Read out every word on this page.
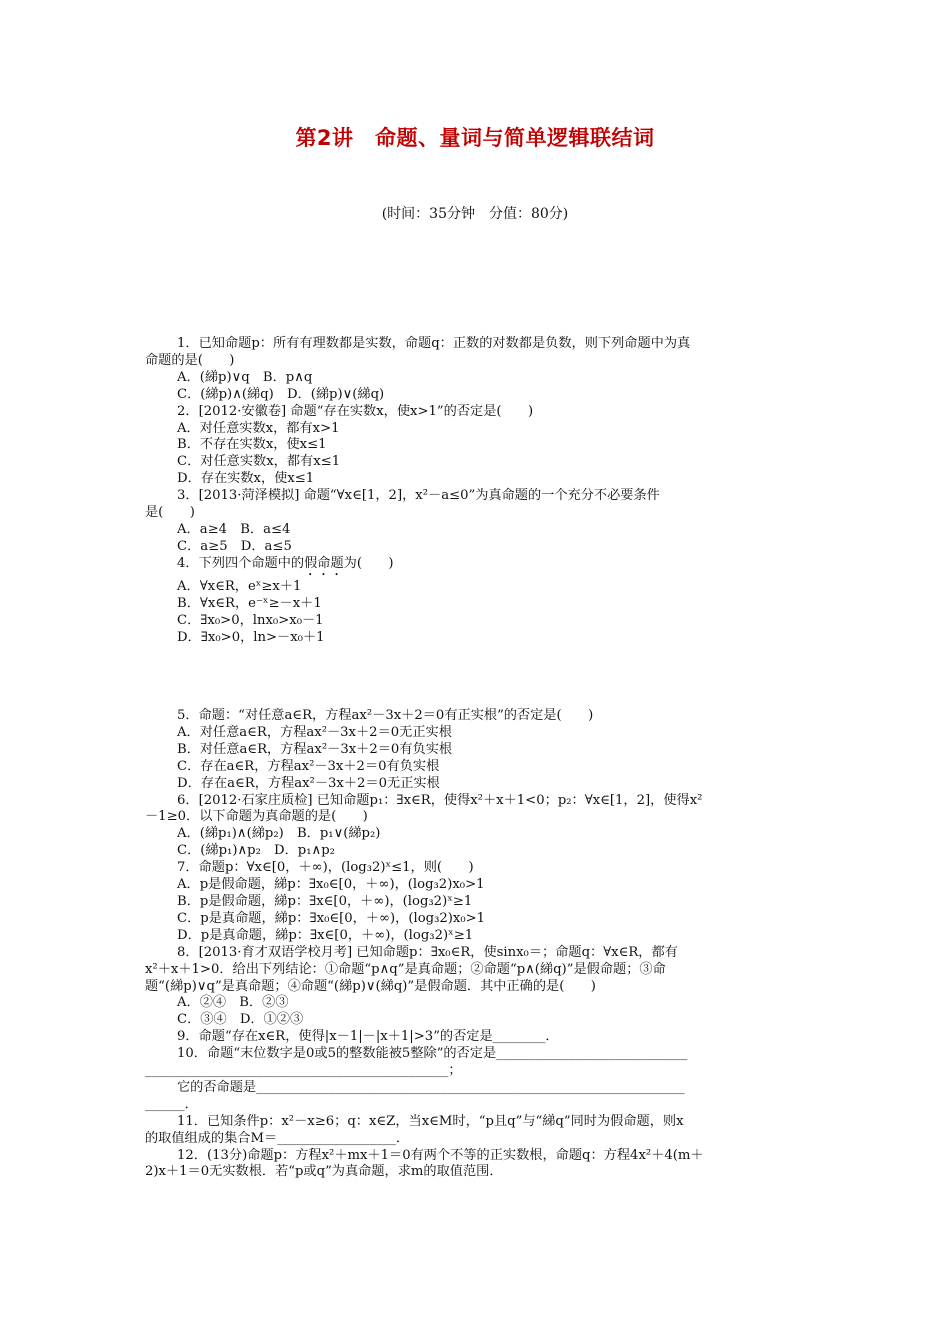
第2讲　命题、量词与简单逻辑联结词
(时间：35分钟　分值：80分)
1．已知命题p：所有有理数都是实数，命题q：正数的对数都是负数，则下列命题中为真
命题的是(　　)
A．(綈p)∨q　B．p∧q
C．(綈p)∧(綈q)　D．(綈p)∨(綈q)
2．[2012·安徽卷] 命题“存在实数x，使x>1”的否定是(　　)
A．对任意实数x，都有x>1
B．不存在实数x，使x≤1
C．对任意实数x，都有x≤1
D．存在实数x，使x≤1
3．[2013·菏泽模拟] 命题“∀x∈[1，2]，x²－a≤0”为真命题的一个充分不必要条件
是(　　)
A．a≥4　B．a≤4
C．a≥5　D．a≤5
4．下列四个命题中的假命题为(　　)
A．∀x∈R，eˣ≥x＋1
B．∀x∈R，e⁻ˣ≥－x＋1
C．∃x₀>0，lnx₀>x₀－1
D．∃x₀>0，ln>－x₀＋1
5．命题：“对任意a∈R，方程ax²－3x＋2＝0有正实根”的否定是(　　)
A．对任意a∈R，方程ax²－3x＋2＝0无正实根
B．对任意a∈R，方程ax²－3x＋2＝0有负实根
C．存在a∈R，方程ax²－3x＋2＝0有负实根
D．存在a∈R，方程ax²－3x＋2＝0无正实根
6．[2012·石家庄质检] 已知命题p₁：∃x∈R，使得x²＋x＋1<0；p₂：∀x∈[1，2]，使得x²
－1≥0．以下命题为真命题的是(　　)
A．(綈p₁)∧(綈p₂)　B．p₁∨(綈p₂)
C．(綈p₁)∧p₂　D．p₁∧p₂
7．命题p：∀x∈[0，＋∞)，(log₃2)ˣ≤1，则(　　)
A．p是假命题，綈p：∃x₀∈[0，＋∞)，(log₃2)x₀>1
B．p是假命题，綈p：∃x∈[0，＋∞)，(log₃2)ˣ≥1
C．p是真命题，綈p：∃x₀∈[0，＋∞)，(log₃2)x₀>1
D．p是真命题，綈p：∃x∈[0，＋∞)，(log₃2)ˣ≥1
8．[2013·育才双语学校月考] 已知命题p：∃x₀∈R，使sinx₀＝；命题q：∀x∈R，都有
x²＋x＋1>0．给出下列结论：①命题“p∧q”是真命题；②命题“p∧(綈q)”是假命题；③命
题“(綈p)∨q”是真命题；④命题“(綈p)∨(綈q)”是假命题．其中正确的是(　　)
A．②④　B．②③
C．③④　D．①②③
9．命题“存在x∈R，使得|x－1|－|x＋1|>3”的否定是________．
10．命题“末位数字是0或5的整数能被5整除”的否定是_____________________________
______________________________________________；
它的否命题是_________________________________________________________________
______．
11．已知条件p：x²－x≥6；q：x∈Z，当x∈M时，“p且q”与“綈q”同时为假命题，则x
的取值组成的集合M＝__________________．
12．(13分)命题p：方程x²＋mx＋1＝0有两个不等的正实数根，命题q：方程4x²＋4(m＋
2)x＋1＝0无实数根．若“p或q”为真命题，求m的取值范围．
